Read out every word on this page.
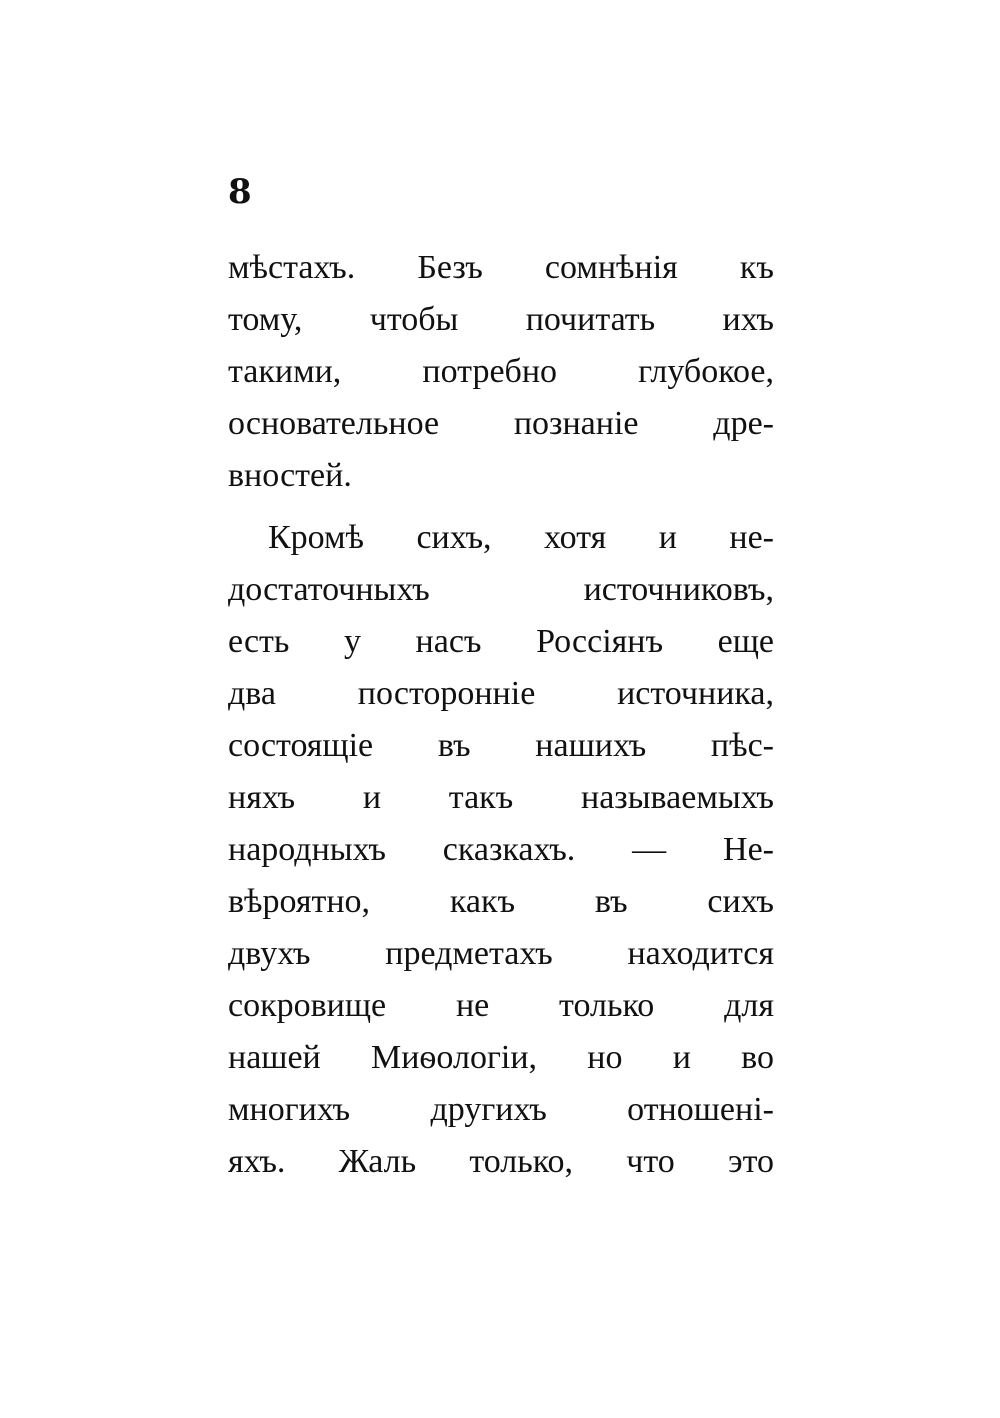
8
мѣстахъ. Безъ сомнѣнія къ
тому, чтобы почитать ихъ
такими, потребно глубокое,
основательное познаніе дре-
вностей.
Кромѣ сихъ, хотя и не-
достаточныхъ источниковъ,
есть у насъ Россіянъ еще
два посторонніе источника,
состоящіе въ нашихъ пѣс-
няхъ и такъ называемыхъ
народныхъ сказкахъ. — Не-
вѣроятно, какъ въ сихъ
двухъ предметахъ находится
сокровище не только для
нашей Миѳологіи, но и во
многихъ другихъ отношені-
яхъ. Жаль только, что это
